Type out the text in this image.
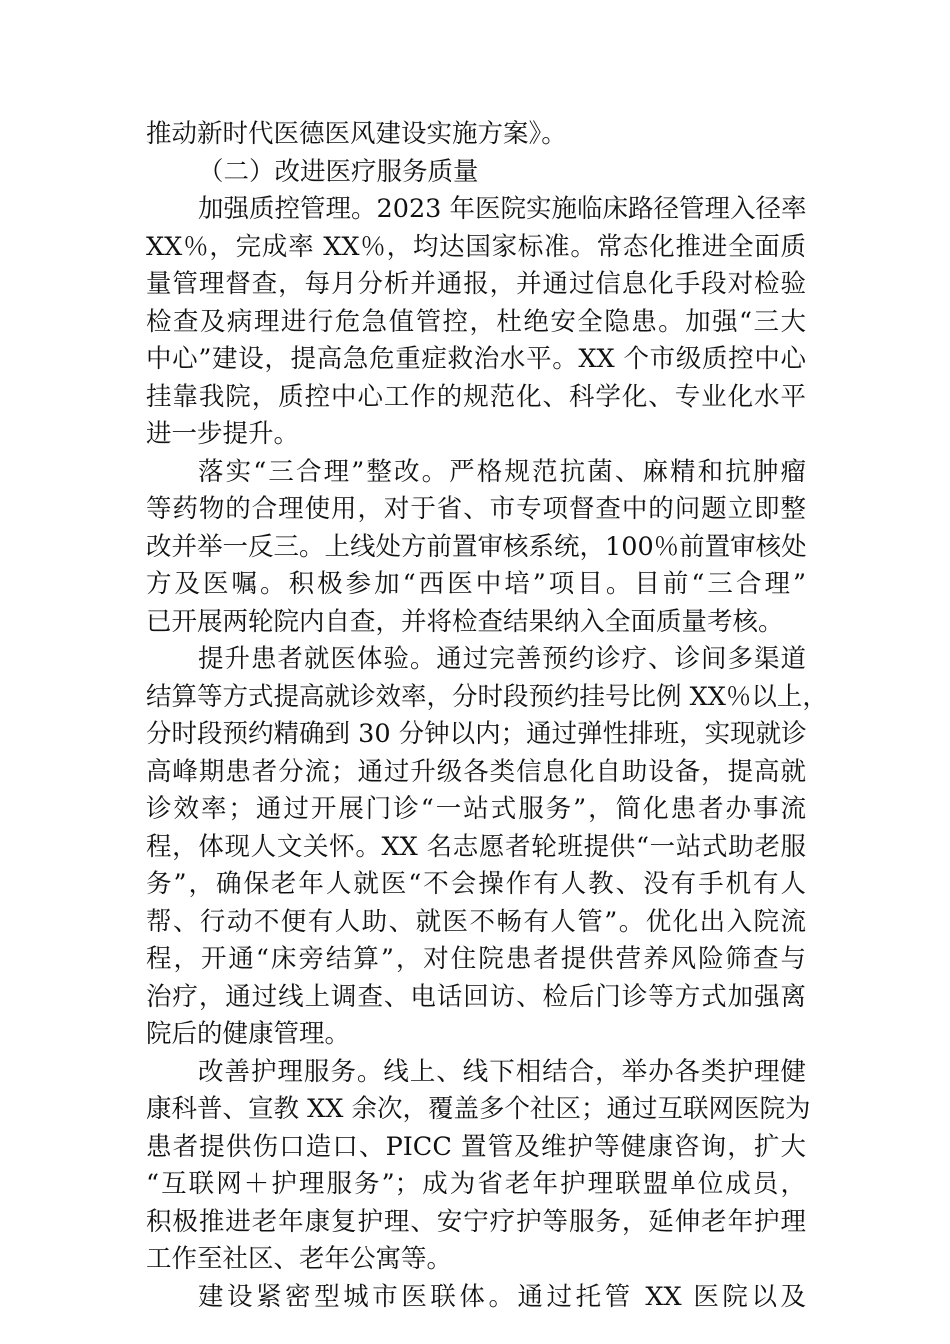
推动新时代医德医风建设实施方案》。
（二）改进医疗服务质量
加强质控管理。2023 年医院实施临床路径管理入径率
XX％，完成率 XX％，均达国家标准。常态化推进全面质
量管理督查，每月分析并通报，并通过信息化手段对检验
检查及病理进行危急值管控，杜绝安全隐患。加强“三大
中心”建设，提高急危重症救治水平。XX 个市级质控中心
挂靠我院，质控中心工作的规范化、科学化、专业化水平
进一步提升。
落实“三合理”整改。严格规范抗菌、麻精和抗肿瘤
等药物的合理使用，对于省、市专项督查中的问题立即整
改并举一反三。上线处方前置审核系统，100％前置审核处
方及医嘱。积极参加“西医中培”项目。目前“三合理”
已开展两轮院内自查，并将检查结果纳入全面质量考核。
提升患者就医体验。通过完善预约诊疗、诊间多渠道
结算等方式提高就诊效率，分时段预约挂号比例 XX％以上，
分时段预约精确到 30 分钟以内；通过弹性排班，实现就诊
高峰期患者分流；通过升级各类信息化自助设备，提高就
诊效率；通过开展门诊“一站式服务”，简化患者办事流
程，体现人文关怀。XX 名志愿者轮班提供“一站式助老服
务”，确保老年人就医“不会操作有人教、没有手机有人
帮、行动不便有人助、就医不畅有人管”。优化出入院流
程，开通“床旁结算”，对住院患者提供营养风险筛查与
治疗，通过线上调查、电话回访、检后门诊等方式加强离
院后的健康管理。
改善护理服务。线上、线下相结合，举办各类护理健
康科普、宣教 XX 余次，覆盖多个社区；通过互联网医院为
患者提供伤口造口、PICC 置管及维护等健康咨询，扩大
“互联网＋护理服务”；成为省老年护理联盟单位成员，
积极推进老年康复护理、安宁疗护等服务，延伸老年护理
工作至社区、老年公寓等。
建设紧密型城市医联体。通过托管 XX 医院以及
